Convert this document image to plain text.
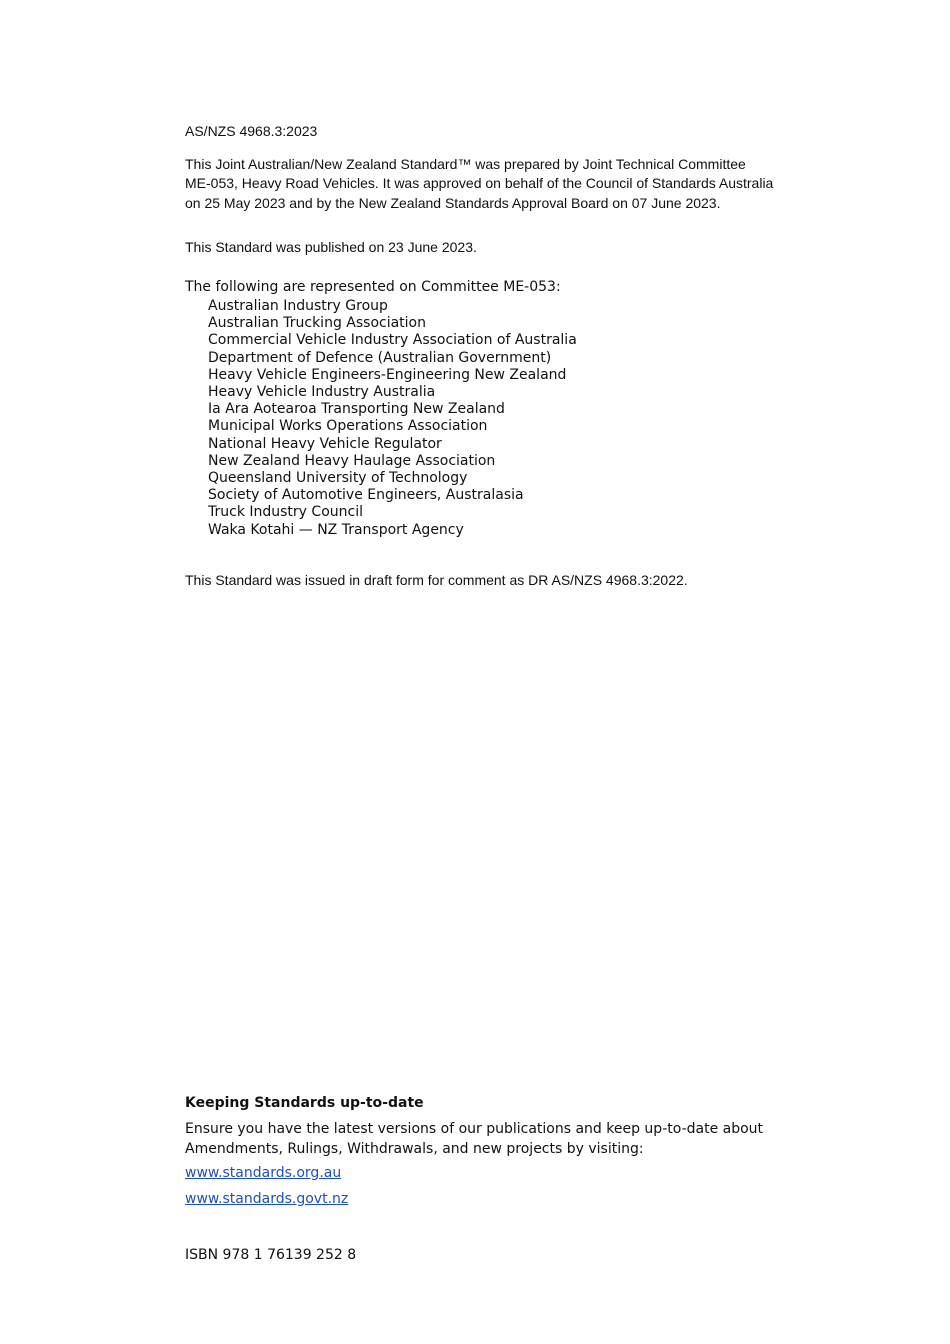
AS/NZS 4968.3:2023

This Joint Australian/New Zealand Standard™ was prepared by Joint Technical Committee ME-053, Heavy Road Vehicles. It was approved on behalf of the Council of Standards Australia on 25 May 2023 and by the New Zealand Standards Approval Board on 07 June 2023.

This Standard was published on 23 June 2023.

The following are represented on Committee ME-053:

Australian Industry Group
Australian Trucking Association
Commercial Vehicle Industry Association of Australia
Department of Defence (Australian Government)
Heavy Vehicle Engineers-Engineering New Zealand
Heavy Vehicle Industry Australia
Ia Ara Aotearoa Transporting New Zealand
Municipal Works Operations Association
National Heavy Vehicle Regulator
New Zealand Heavy Haulage Association
Queensland University of Technology
Society of Automotive Engineers, Australasia
Truck Industry Council
Waka Kotahi — NZ Transport Agency

This Standard was issued in draft form for comment as DR AS/NZS 4968.3:2022.

Keeping Standards up-to-date

Ensure you have the latest versions of our publications and keep up-to-date about Amendments, Rulings, Withdrawals, and new projects by visiting:

www.standards.org.au
www.standards.govt.nz

ISBN 978 1 76139 252 8
